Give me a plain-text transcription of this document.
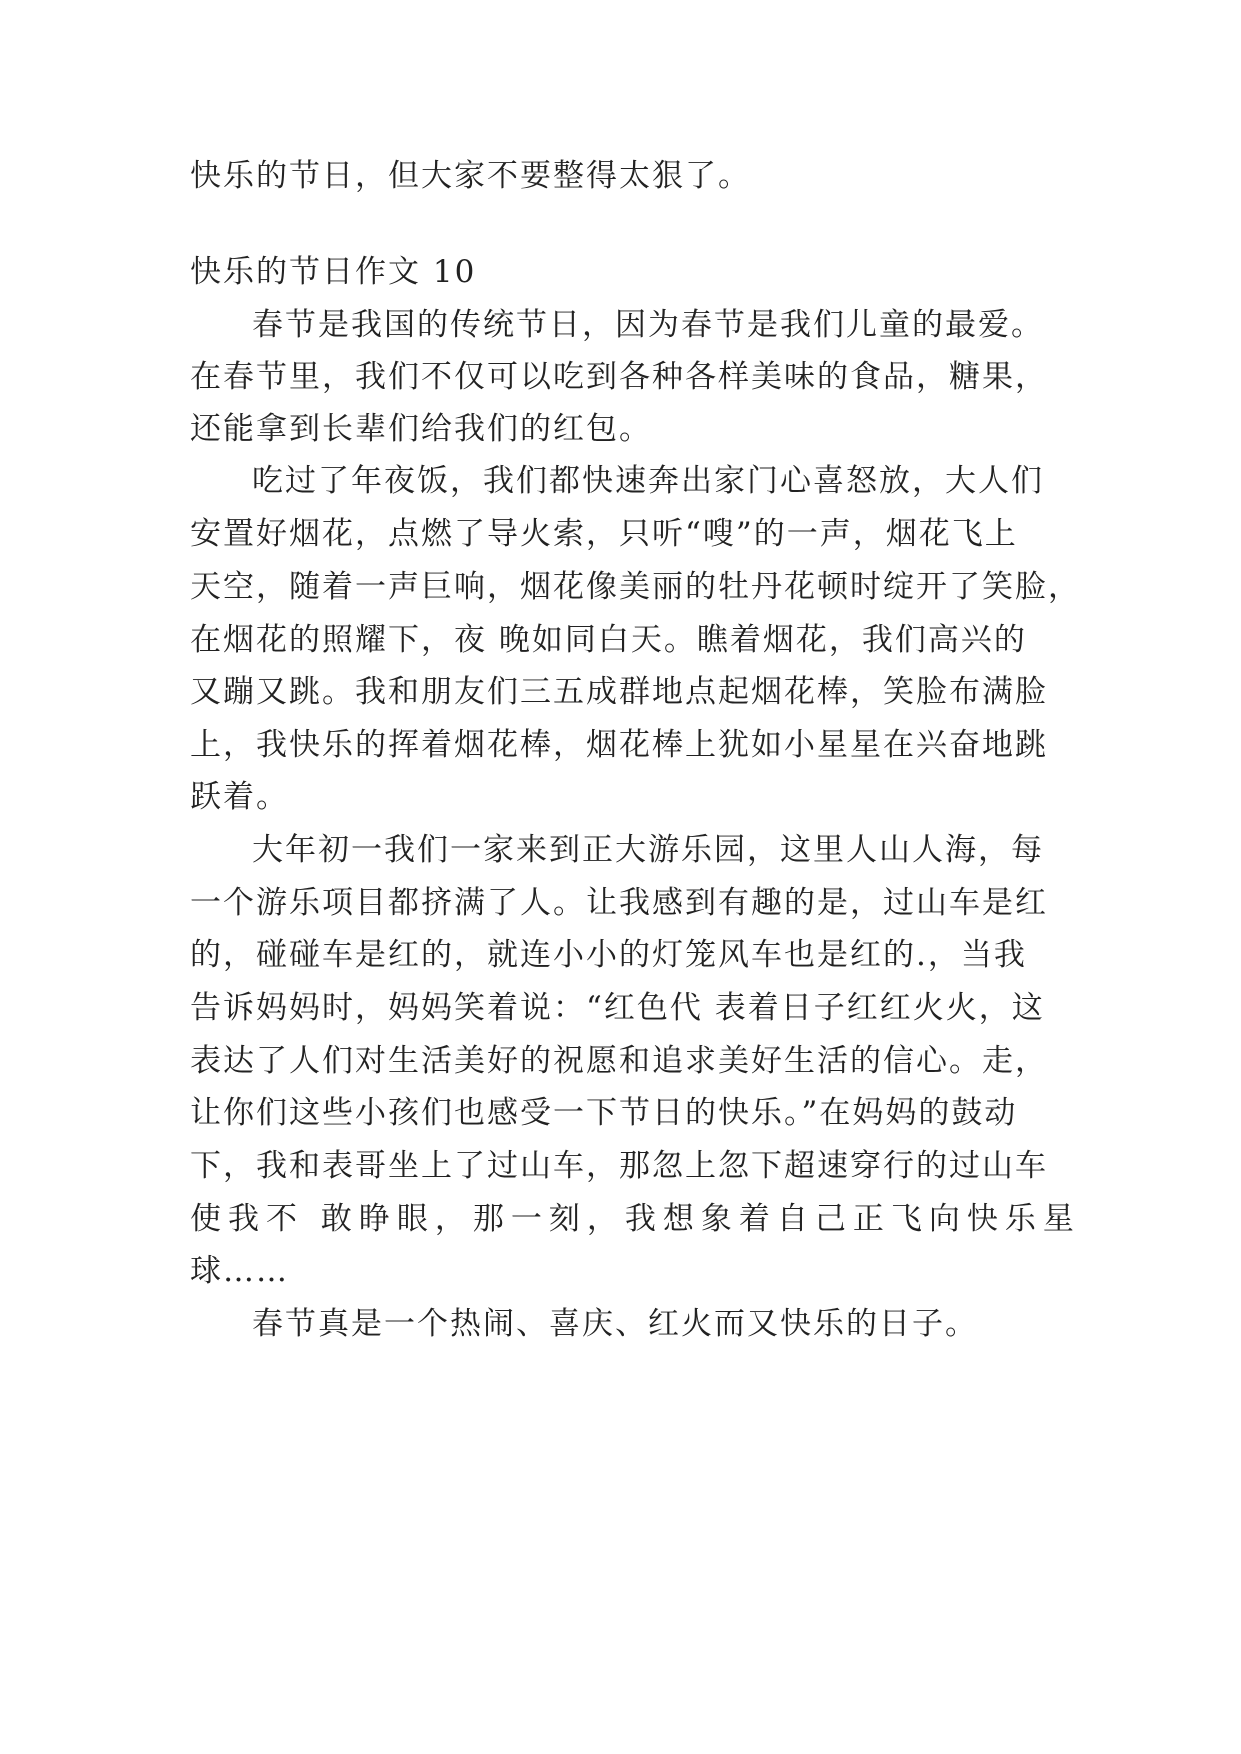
快乐的节日，但大家不要整得太狠了。
快乐的节日作文 10
春节是我国的传统节日，因为春节是我们儿童的最爱。
在春节里，我们不仅可以吃到各种各样美味的食品，糖果，
还能拿到长辈们给我们的红包。
吃过了年夜饭，我们都快速奔出家门心喜怒放，大人们
安置好烟花，点燃了导火索，只听“嗖”的一声，烟花飞上
天空，随着一声巨响，烟花像美丽的牡丹花顿时绽开了笑脸，
在烟花的照耀下，夜 晚如同白天。瞧着烟花，我们高兴的
又蹦又跳。我和朋友们三五成群地点起烟花棒，笑脸布满脸
上，我快乐的挥着烟花棒，烟花棒上犹如小星星在兴奋地跳
跃着。
大年初一我们一家来到正大游乐园，这里人山人海，每
一个游乐项目都挤满了人。让我感到有趣的是，过山车是红
的，碰碰车是红的，就连小小的灯笼风车也是红的.，当我
告诉妈妈时，妈妈笑着说：“红色代 表着日子红红火火，这
表达了人们对生活美好的祝愿和追求美好生活的信心。走，
让你们这些小孩们也感受一下节日的快乐。”在妈妈的鼓动
下，我和表哥坐上了过山车，那忽上忽下超速穿行的过山车
使我不 敢睁眼，那一刻，我想象着自己正飞向快乐星
球……
春节真是一个热闹、喜庆、红火而又快乐的日子。
